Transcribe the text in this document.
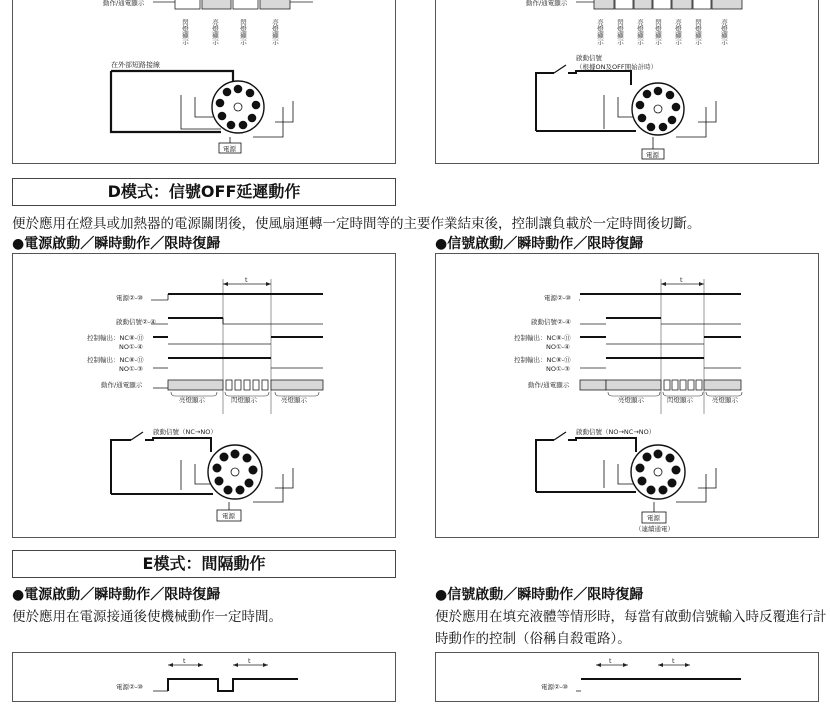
動作/通電顯示
閃燈顯示	亮燈顯示	閃燈顯示	亮燈顯示
在外部短路接線
電源
動作/通電顯示
亮燈顯示 閃燈顯示 亮燈顯示 閃燈顯示 亮燈顯示 閃燈顯示	亮燈顯示
啟動信號
（根據ON及OFF開始計時）
電源
D模式：信號OFF延遲動作
便於應用在燈具或加熱器的電源關閉後，使風扇運轉一定時間等的主要作業結束後，控制讓負載於一定時間後切斷。
●電源啟動／瞬時動作／限時復歸	●信號啟動／瞬時動作／限時復歸
t
電源②-⑩
啟動信號②-④
控制輸出：NC⑧-⑪
NO①-④
控制輸出：NC⑧-⑪
NO①-③
動作/通電顯示
亮燈顯示	閃燈顯示	亮燈顯示
啟動信號（NC→NO）
電源
t
電源②-⑩
啟動信號②-④
控制輸出：NC⑧-⑪
NO①-④
控制輸出：NC⑧-⑪
NO①-③
動作/通電顯示
亮燈顯示	閃燈顯示	亮燈顯示
啟動信號（NO→NC→NO）
電源
（連續通電）
E模式：間隔動作
●電源啟動／瞬時動作／限時復歸
便於應用在電源接通後使機械動作一定時間。
●信號啟動／瞬時動作／限時復歸
便於應用在填充液體等情形時，每當有啟動信號輸入時反覆進行計
時動作的控制（俗稱自殺電路）。
t	t
電源②-⑩
t	t
電源②-⑩
